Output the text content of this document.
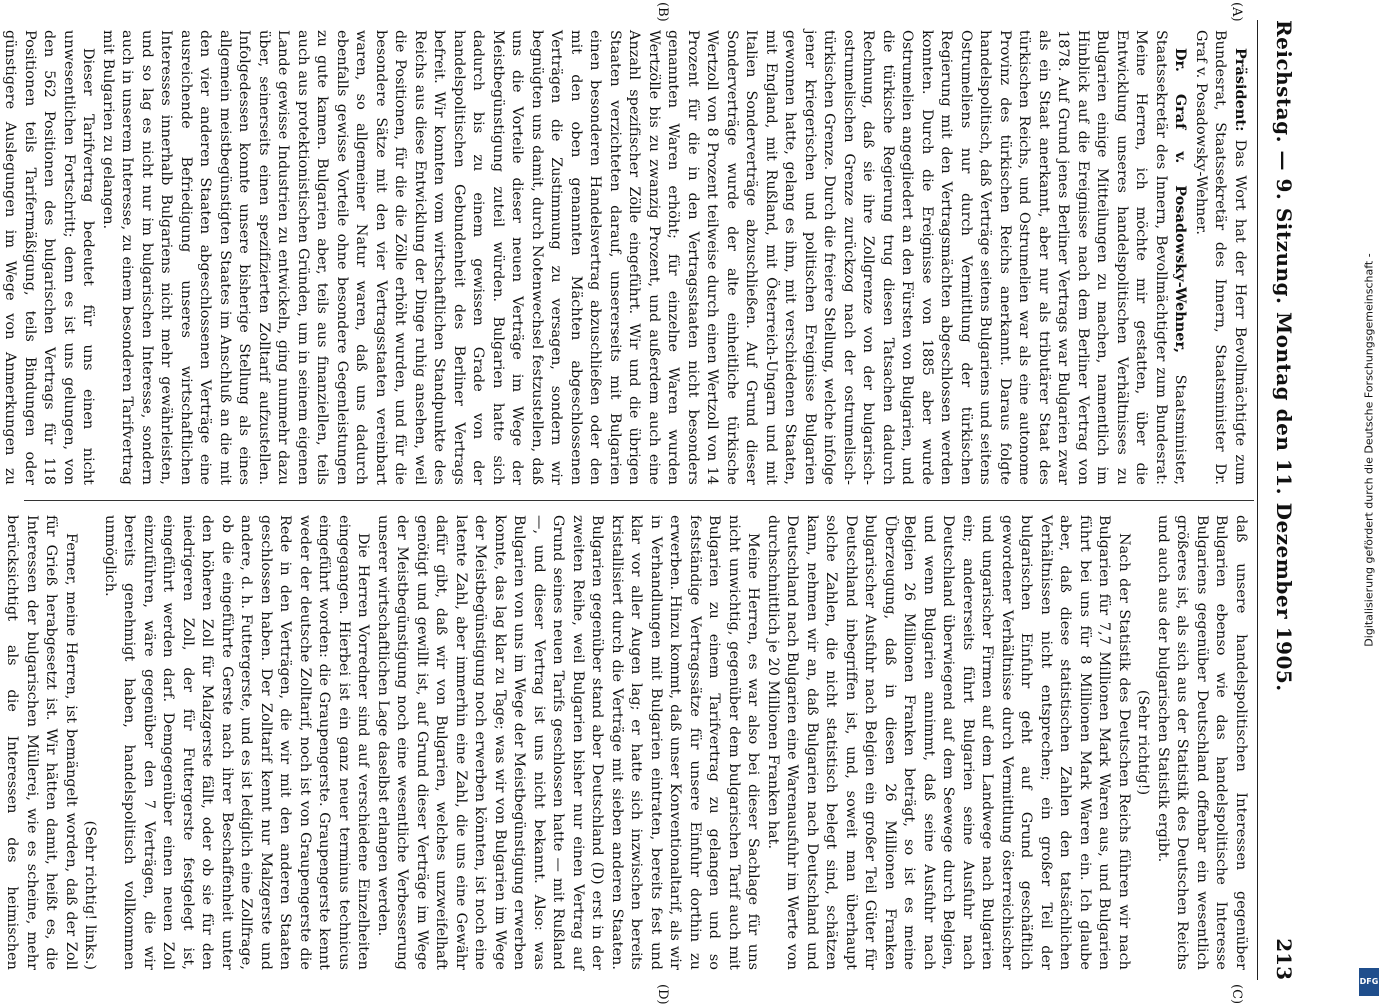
Reichstag. — 9. Sitzung. Montag den 11. Dezember 1905.
213
(A)
(B)
(C)
(D)

Präsident: Das Wort hat der Herr Bevollmächtigte zum Bundesrat, Staatssekretär des Innern, Staatsminister Dr. Graf v. Posadowsky-Wehner.

Dr. Graf v. Posadowsky-Wehner, Staatsminister, Staatssekretär des Innern, Bevollmächtigter zum Bundesrat: Meine Herren, ich möchte mir gestatten, über die Entwicklung unseres handelspolitischen Verhältnisses zu Bulgarien einige Mitteilungen zu machen, namentlich im Hinblick auf die Ereignisse nach dem Berliner Vertrag von 1878. Auf Grund jenes Berliner Vertrags war Bulgarien zwar als ein Staat anerkannt, aber nur als tributärer Staat des türkischen Reichs, und Ostrumelien war als eine autonome Provinz des türkischen Reichs anerkannt. Daraus folgte handelspolitisch, daß Verträge seitens Bulgariens und seitens Ostrumeliens nur durch Vermittlung der türkischen Regierung mit den Vertragsmächten abgeschlossen werden konnten. Durch die Ereignisse von 1885 aber wurde Ostrumelien angegliedert an den Fürsten von Bulgarien, und die türkische Regierung trug diesen Tatsachen dadurch Rechnung, daß sie ihre Zollgrenze von der bulgarisch-ostrumelischen Grenze zurückzog nach der ostrumelisch-türkischen Grenze. Durch die freiere Stellung, welche infolge jener kriegerischen und politischen Ereignisse Bulgarien gewonnen hatte, gelang es ihm, mit verschiedenen Staaten, mit England, mit Rußland, mit Österreich-Ungarn und mit Italien Sonderverträge abzuschließen. Auf Grund dieser Sonderverträge wurde der alte einheitliche türkische Wertzoll von 8 Prozent teilweise durch einen Wertzoll von 14 Prozent für die in den Vertragsstaaten nicht besonders genannten Waren erhöht; für einzelne Waren wurden Wertzölle bis zu zwanzig Prozent, und außerdem auch eine Anzahl spezifischer Zölle eingeführt. Wir und die übrigen Staaten verzichteten darauf, unsererseits mit Bulgarien einen besonderen Handelsvertrag abzuschließen oder den mit den oben genannten Mächten abgeschlossenen Verträgen die Zustimmung zu versagen, sondern wir begnügten uns damit, durch Notenwechsel festzustellen, daß uns die Vorteile dieser neuen Verträge im Wege der Meistbegünstigung zuteil würden. Bulgarien hatte sich dadurch bis zu einem gewissen Grade von der handelspolitischen Gebundenheit des Berliner Vertrags befreit. Wir konnten vom wirtschaftlichen Standpunkte des Reichs aus diese Entwicklung der Dinge ruhig ansehen, weil die Positionen, für die die Zölle erhöht wurden, und für die besondere Sätze mit den vier Vertragsstaaten vereinbart waren, so allgemeiner Natur waren, daß uns dadurch ebenfalls gewisse Vorteile ohne besondere Gegenleistungen zu gute kamen. Bulgarien aber, teils aus finanziellen, teils auch aus protektionistischen Gründen, um in seinem eigenen Lande gewisse Industrien zu entwickeln, ging nunmehr dazu über, seinerseits einen spezifizierten Zolltarif aufzustellen. Infolgedessen konnte unsere bisherige Stellung als eines allgemein meistbegünstigten Staates im Anschluß an die mit den vier anderen Staaten abgeschlossenen Verträge eine ausreichende Befriedigung unseres wirtschaftlichen Interesses innerhalb Bulgariens nicht mehr gewährleisten, und so lag es nicht nur im bulgarischen Interesse, sondern auch in unserem Interesse, zu einem besonderen Tarifvertrag mit Bulgarien zu gelangen.

Dieser Tarifvertrag bedeutet für uns einen nicht unwesentlichen Fortschritt; denn es ist uns gelungen, von den 562 Positionen des bulgarischen Vertrags für 118 Positionen teils Tarifermäßigung, teils Bindungen oder günstigere Auslegungen im Wege von Anmerkungen zu

daß unsere handelspolitischen Interessen gegenüber Bulgarien ebenso wie das handelspolitische Interesse Bulgariens gegenüber Deutschland offenbar ein wesentlich größeres ist, als sich aus der Statistik des Deutschen Reichs und auch aus der bulgarischen Statistik ergibt.

(Sehr richtig!)

Nach der Statistik des Deutschen Reichs führen wir nach Bulgarien für 7,7 Millionen Mark Waren aus, und Bulgarien führt bei uns für 8 Millionen Mark Waren ein. Ich glaube aber, daß diese statistischen Zahlen den tatsächlichen Verhältnissen nicht entsprechen; ein großer Teil der bulgarischen Einfuhr geht auf Grund geschäftlich gewordener Verhältnisse durch Vermittlung österreichischer und ungarischer Firmen auf dem Landwege nach Bulgarien ein; andererseits führt Bulgarien seine Ausfuhr nach Deutschland überwiegend auf dem Seewege durch Belgien, und wenn Bulgarien annimmt, daß seine Ausfuhr nach Belgien 26 Millionen Franken beträgt, so ist es meine Überzeugung, daß in diesen 26 Millionen Franken bulgarischer Ausfuhr nach Belgien ein großer Teil Güter für Deutschland inbegriffen ist, und, soweit man überhaupt solche Zahlen, die nicht statistisch belegt sind, schätzen kann, nehmen wir an, daß Bulgarien nach Deutschland und Deutschland nach Bulgarien eine Warenausfuhr im Werte von durchschnittlich je 20 Millionen Franken hat.

Meine Herren, es war also bei dieser Sachlage für uns nicht unwichtig, gegenüber dem bulgarischen Tarif auch mit Bulgarien zu einem Tarifvertrag zu gelangen und so festständige Vertragssätze für unsere Einfuhr dorthin zu erwerben. Hinzu kommt, daß unser Konventionaltarif, als wir in Verhandlungen mit Bulgarien eintraten, bereits fest und klar vor aller Augen lag; er hatte sich inzwischen bereits kristallisiert durch die Verträge mit sieben anderen Staaten. Bulgarien gegenüber stand aber Deutschland (D) erst in der zweiten Reihe, weil Bulgarien bisher nur einen Vertrag auf Grund seines neuen Tarifs geschlossen hatte — mit Rußland —, und dieser Vertrag ist uns nicht bekannt. Also: was Bulgarien von uns im Wege der Meistbegünstigung erwerben konnte, das lag klar zu Tage; was wir von Bulgarien im Wege der Meistbegünstigung noch erwerben könnten, ist noch eine latente Zahl, aber immerhin eine Zahl, die uns eine Gewähr dafür gibt, daß wir von Bulgarien, welches unzweifelhaft genötigt und gewillt ist, auf Grund dieser Verträge im Wege der Meistbegünstigung noch eine wesentliche Verbesserung unserer wirtschaftlichen Lage daselbst erlangen werden.

Die Herren Vorredner sind auf verschiedene Einzelheiten eingegangen. Hierbei ist ein ganz neuer terminus technicus eingeführt worden: die Graupengerste. Graupengerste kennt weder der deutsche Zolltarif, noch ist von Graupengerste die Rede in den Verträgen, die wir mit den anderen Staaten geschlossen haben. Der Zolltarif kennt nur Malzgerste und andere, d. h. Futtergerste, und es ist lediglich eine Zollfrage, ob die eingeführte Gerste nach ihrer Beschaffenheit unter den höheren Zoll für Malzgerste fällt, oder ob sie für den niedrigeren Zoll, der für Futtergerste festgelegt ist, eingeführt werden darf. Demgegenüber einen neuen Zoll einzuführen, wäre gegenüber den 7 Verträgen, die wir bereits genehmigt haben, handelspolitisch vollkommen unmöglich.

(Sehr richtig! links.)

Ferner, meine Herren, ist bemängelt worden, daß der Zoll für Grieß herabgesetzt ist. Wir hätten damit, heißt es, die Interessen der bulgarischen Müllerei, wie es scheine, mehr berücksichtigt als die Interessen des heimischen

Digitalisierung gefördert durch die Deutsche Forschungsgemeinschaft -
DFG
